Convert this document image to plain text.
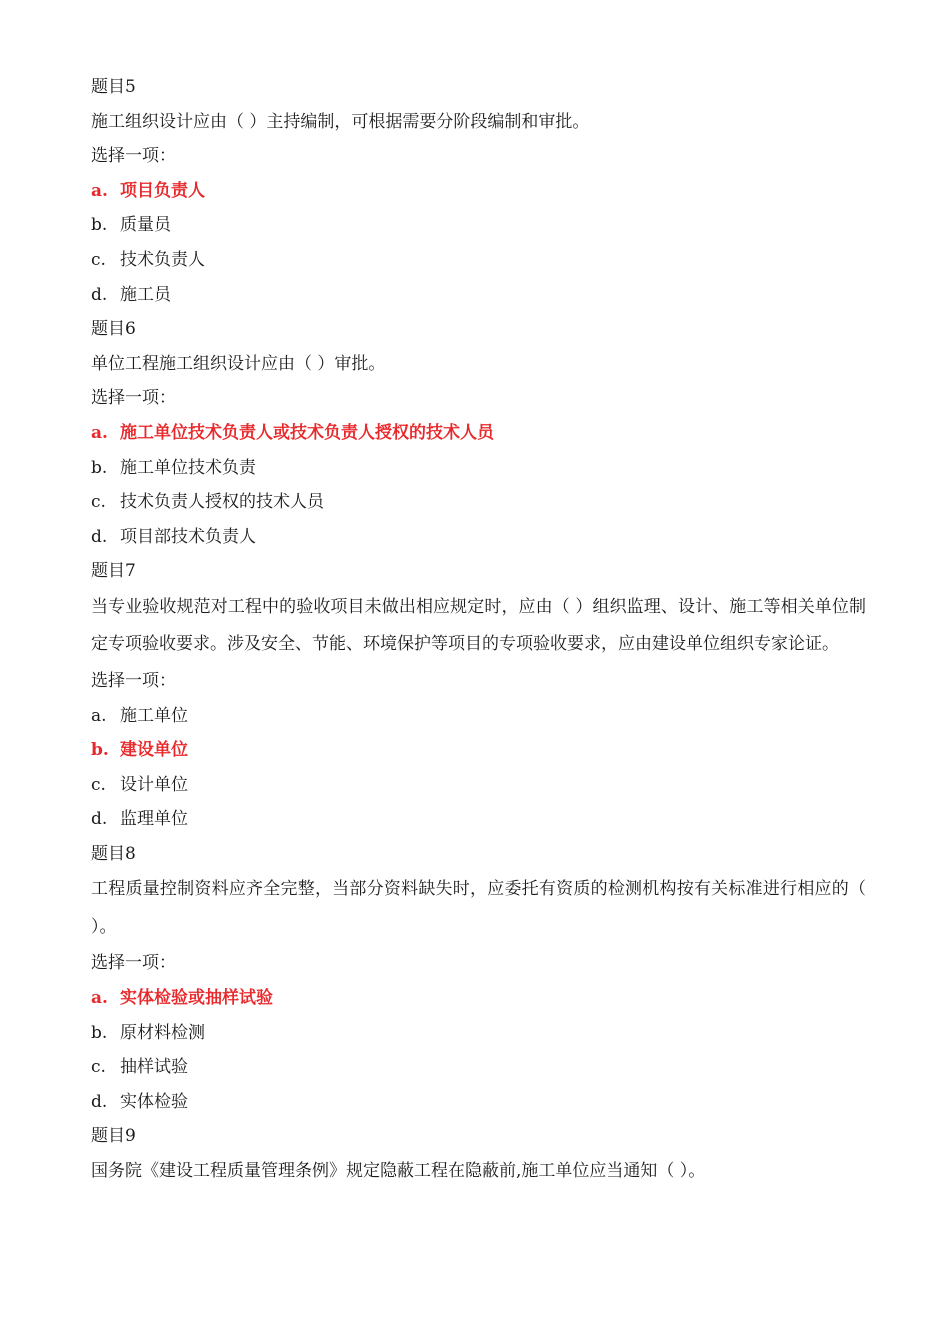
题目5
施工组织设计应由（ ）主持编制，可根据需要分阶段编制和审批。
选择一项：
a. 项目负责人
b. 质量员
c. 技术负责人
d. 施工员
题目6
单位工程施工组织设计应由（ ）审批。
选择一项：
a. 施工单位技术负责人或技术负责人授权的技术人员
b. 施工单位技术负责
c. 技术负责人授权的技术人员
d. 项目部技术负责人
题目7
当专业验收规范对工程中的验收项目未做出相应规定时，应由（ ）组织监理、设计、施工等相关单位制定专项验收要求。涉及安全、节能、环境保护等项目的专项验收要求，应由建设单位组织专家论证。
选择一项：
a. 施工单位
b. 建设单位
c. 设计单位
d. 监理单位
题目8
工程质量控制资料应齐全完整，当部分资料缺失时，应委托有资质的检测机构按有关标准进行相应的（ ）。
选择一项：
a. 实体检验或抽样试验
b. 原材料检测
c. 抽样试验
d. 实体检验
题目9
国务院《建设工程质量管理条例》规定隐蔽工程在隐蔽前,施工单位应当通知（ ）。
